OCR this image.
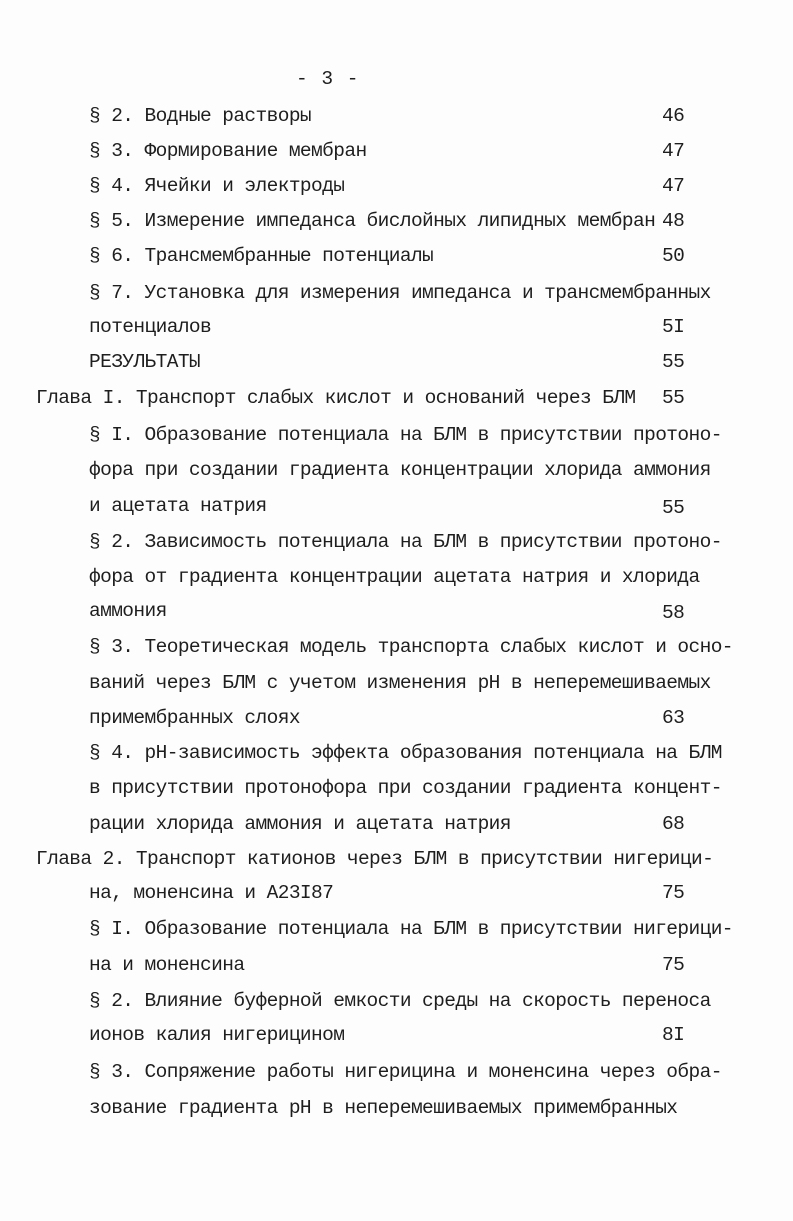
- 3 -
§ 2. Водные растворы	46
§ 3. Формирование мембран	47
§ 4. Ячейки и электроды	47
§ 5. Измерение импеданса бислойных липидных мембран 48
§ 6. Трансмембранные потенциалы	50
§ 7. Установка для измерения импеданса и трансмембранных
потенциалов	5I
РЕЗУЛЬТАТЫ	55
Глава I. Транспорт слабых кислот и оснований через БЛМ 55
§ I. Образование потенциала на БЛМ в присутствии протоно-
фора при создании градиента концентрации хлорида аммония
и ацетата натрия	55
§ 2. Зависимость потенциала на БЛМ в присутствии протоно-
фора от градиента концентрации ацетата натрия и хлорида
аммония	58
§ 3. Теоретическая модель транспорта слабых кислот и осно-
ваний через БЛМ с учетом изменения рН в неперемешиваемых
примембранных слоях	63
§ 4. рН-зависимость эффекта образования потенциала на БЛМ
в присутствии протонофора при создании градиента концент-
рации хлорида аммония и ацетата натрия	68
Глава 2. Транспорт катионов через БЛМ в присутствии нигерици-
на, моненсина и А23I87	75
§ I. Образование потенциала на БЛМ в присутствии нигерици-
на и моненсина	75
§ 2. Влияние буферной емкости среды на скорость переноса
ионов калия нигерицином	8I
§ 3. Сопряжение работы нигерицина и моненсина через обра-
зование градиента рН в неперемешиваемых примембранных
